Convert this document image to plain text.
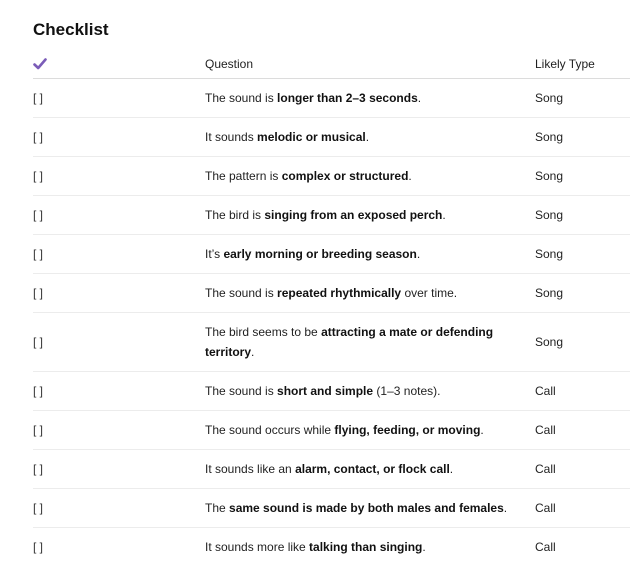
Checklist
	Question	Likely Type
[ ]	The sound is longer than 2–3 seconds.	Song
[ ]	It sounds melodic or musical.	Song
[ ]	The pattern is complex or structured.	Song
[ ]	The bird is singing from an exposed perch.	Song
[ ]	It’s early morning or breeding season.	Song
[ ]	The sound is repeated rhythmically over time.	Song
[ ]	The bird seems to be attracting a mate or defending territory.	Song
[ ]	The sound is short and simple (1–3 notes).	Call
[ ]	The sound occurs while flying, feeding, or moving.	Call
[ ]	It sounds like an alarm, contact, or flock call.	Call
[ ]	The same sound is made by both males and females.	Call
[ ]	It sounds more like talking than singing.	Call
